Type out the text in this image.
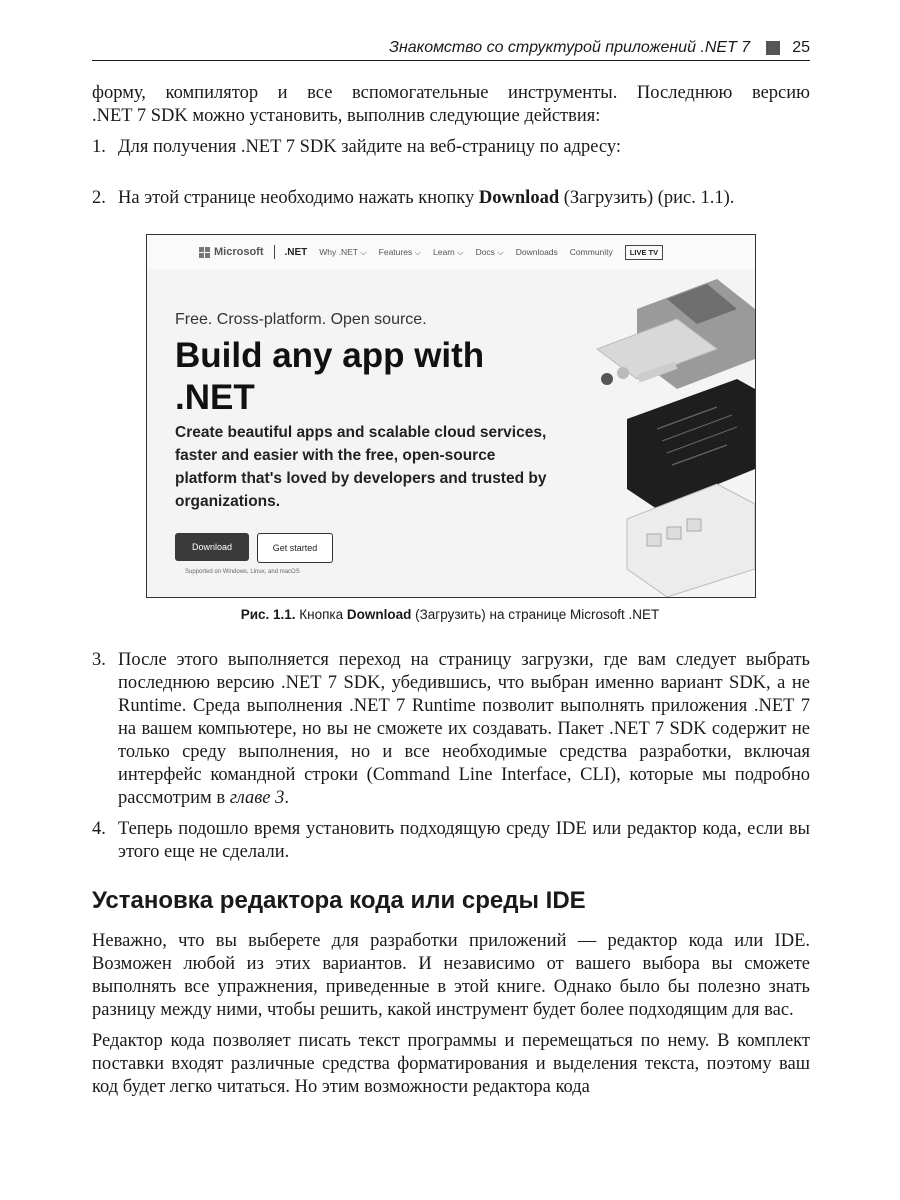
Знакомство со структурой приложений .NET 7	25

форму, компилятор и все вспомогательные инструменты. Последнюю версию

.NET 7 SDK можно установить, выполнив следующие действия:

1. Для получения .NET 7 SDK зайдите на веб-страницу по адресу:
2. На этой странице необходимо нажать кнопку Download (Загрузить) (рис. 1.1).
Microsoft .NET Why .NET ⌵ Features ⌵ Learn ⌵ Docs ⌵ Downloads Community	LIVE TV
Free. Cross-platform. Open source.
Build any app with .NET
Create beautiful apps and scalable cloud services, faster and easier with the free, open-source platform that's loved by developers and trusted by organizations.
Download	Get started
Supported on Windows, Linux, and macOS
Рис. 1.1. Кнопка Download (Загрузить) на странице Microsoft .NET
3. После этого выполняется переход на страницу загрузки, где вам следует выбрать последнюю версию .NET 7 SDK, убедившись, что выбран именно вариант SDK, а не Runtime. Среда выполнения .NET 7 Runtime позволит выполнять приложения .NET 7 на вашем компьютере, но вы не сможете их создавать. Пакет .NET 7 SDK содержит не только среду выполнения, но и все необходимые средства разработки, включая интерфейс командной строки (Command Line Interface, CLI), которые мы подробно рассмотрим в главе 3.
4. Теперь подошло время установить подходящую среду IDE или редактор кода, если вы этого еще не сделали.
Установка редактора кода или среды IDE

Неважно, что вы выберете для разработки приложений — редактор кода или IDE. Возможен любой из этих вариантов. И независимо от вашего выбора вы сможете выполнять все упражнения, приведенные в этой книге. Однако было бы полезно знать разницу между ними, чтобы решить, какой инструмент будет более подходящим для вас.

Редактор кода позволяет писать текст программы и перемещаться по нему. В комплект поставки входят различные средства форматирования и выделения текста, поэтому ваш код будет легко читаться. Но этим возможности редактора кода
